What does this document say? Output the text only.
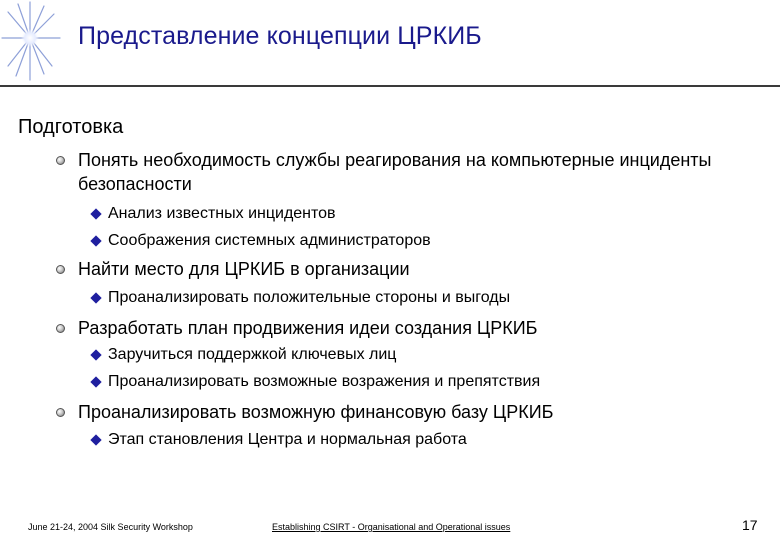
Представление концепции ЦРКИБ
Подготовка
Понять необходимость службы реагирования на компьютерные инциденты безопасности
Анализ известных инцидентов
Соображения системных администраторов
Найти место для ЦРКИБ в организации
Проанализировать положительные стороны и выгоды
Разработать план продвижения идеи создания ЦРКИБ
Заручиться поддержкой ключевых лиц
Проанализировать возможные возражения и препятствия
Проанализировать возможную финансовую базу ЦРКИБ
Этап становления Центра и нормальная работа
June 21-24, 2004 Silk Security Workshop	Establishing CSIRT - Organisational and Operational issues	17
